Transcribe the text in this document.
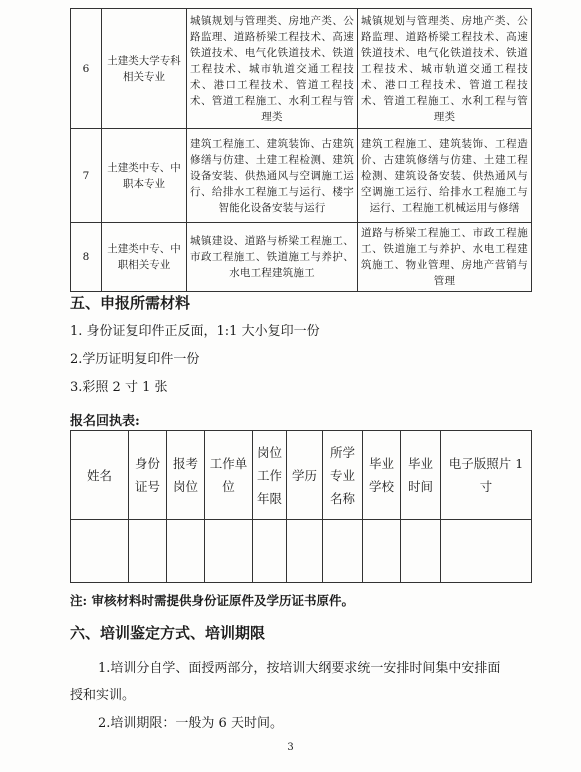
6	土建类大学专科相关专业	城镇规划与管理类、房地产类、公路监理、道路桥梁工程技术、高速铁道技术、电气化铁道技术、铁道工程技术、城市轨道交通工程技术、港口工程技术、管道工程技术、管道工程施工、水利工程与管理类	城镇规划与管理类、房地产类、公路监理、道路桥梁工程技术、高速铁道技术、电气化铁道技术、铁道工程技术、城市轨道交通工程技术、港口工程技术、管道工程技术、管道工程施工、水利工程与管理类
7	土建类中专、中职本专业	建筑工程施工、建筑装饰、古建筑修缮与仿建、土建工程检测、建筑设备安装、供热通风与空调施工运行、给排水工程施工与运行、楼宇智能化设备安装与运行	建筑工程施工、建筑装饰、工程造价、古建筑修缮与仿建、土建工程检测、建筑设备安装、供热通风与空调施工运行、给排水工程施工与运行、工程施工机械运用与修缮
8	土建类中专、中职相关专业	城镇建设、道路与桥梁工程施工、市政工程施工、铁道施工与养护、水电工程建筑施工	道路与桥梁工程施工、市政工程施工、铁道施工与养护、水电工程建筑施工、物业管理、房地产营销与管理
五、申报所需材料
1. 身份证复印件正反面，1:1 大小复印一份
2.学历证明复印件一份
3.彩照 2 寸 1 张
报名回执表:
姓名	身份证号	报考岗位	工作单位	岗位工作年限	学历	所学专业名称	毕业学校	毕业时间	电子版照片 1 寸

注: 审核材料时需提供身份证原件及学历证书原件。
六、培训鉴定方式、培训期限
1.培训分自学、面授两部分，按培训大纲要求统一安排时间集中安排面
授和实训。
2.培训期限：一般为 6 天时间。
3
